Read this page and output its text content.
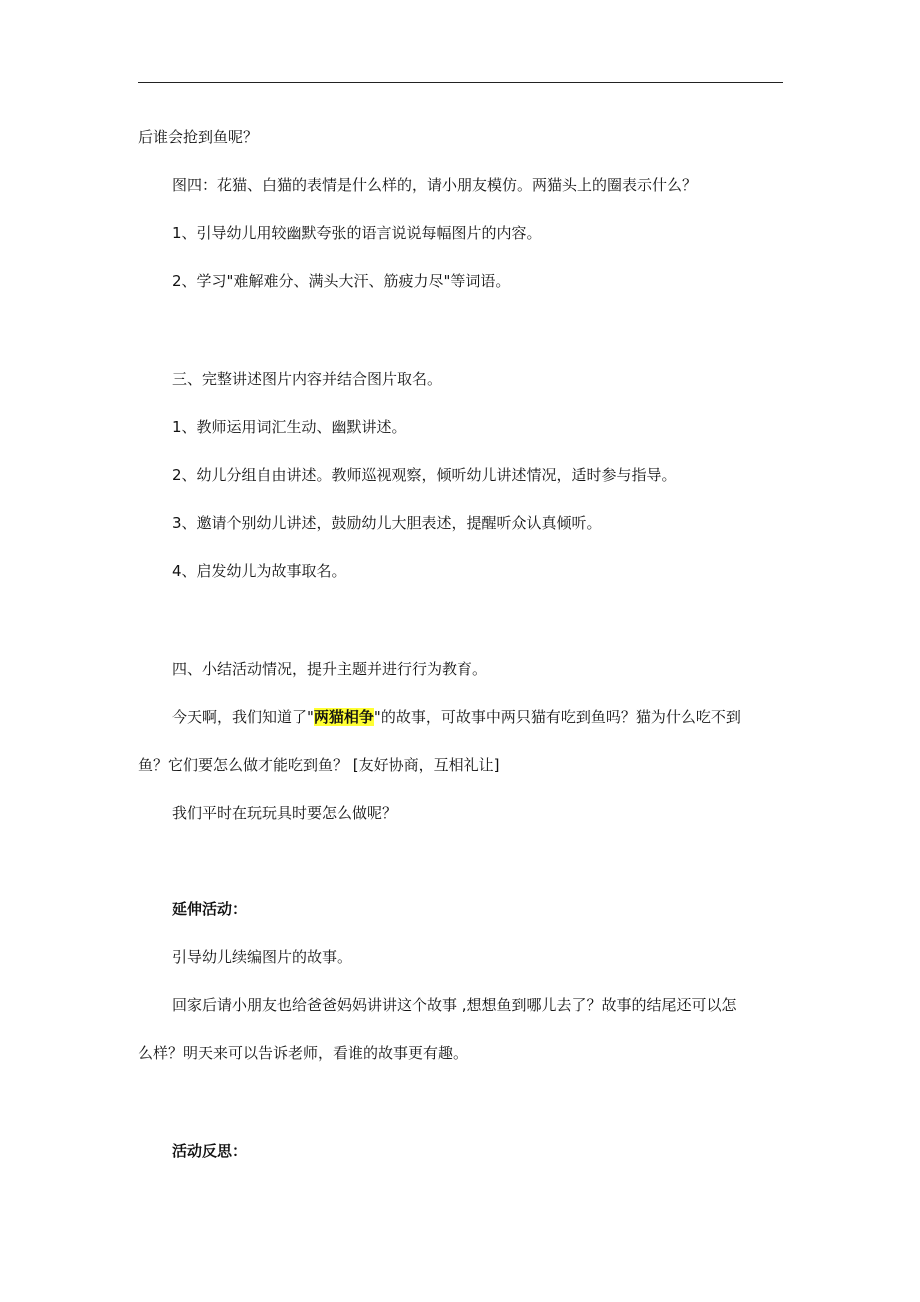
后谁会抢到鱼呢？
图四：花猫、白猫的表情是什么样的，请小朋友模仿。两猫头上的圈表示什么？
1、引导幼儿用较幽默夸张的语言说说每幅图片的内容。
2、学习"难解难分、满头大汗、筋疲力尽"等词语。
三、完整讲述图片内容并结合图片取名。
1、教师运用词汇生动、幽默讲述。
2、幼儿分组自由讲述。教师巡视观察，倾听幼儿讲述情况，适时参与指导。
3、邀请个别幼儿讲述，鼓励幼儿大胆表述，提醒听众认真倾听。
4、启发幼儿为故事取名。
四、小结活动情况，提升主题并进行行为教育。
今天啊，我们知道了"两猫相争"的故事，可故事中两只猫有吃到鱼吗？猫为什么吃不到
鱼？它们要怎么做才能吃到鱼？ [友好协商，互相礼让]
我们平时在玩玩具时要怎么做呢？
延伸活动：
引导幼儿续编图片的故事。
回家后请小朋友也给爸爸妈妈讲讲这个故事 ,想想鱼到哪儿去了？故事的结尾还可以怎
么样？明天来可以告诉老师，看谁的故事更有趣。
活动反思：
